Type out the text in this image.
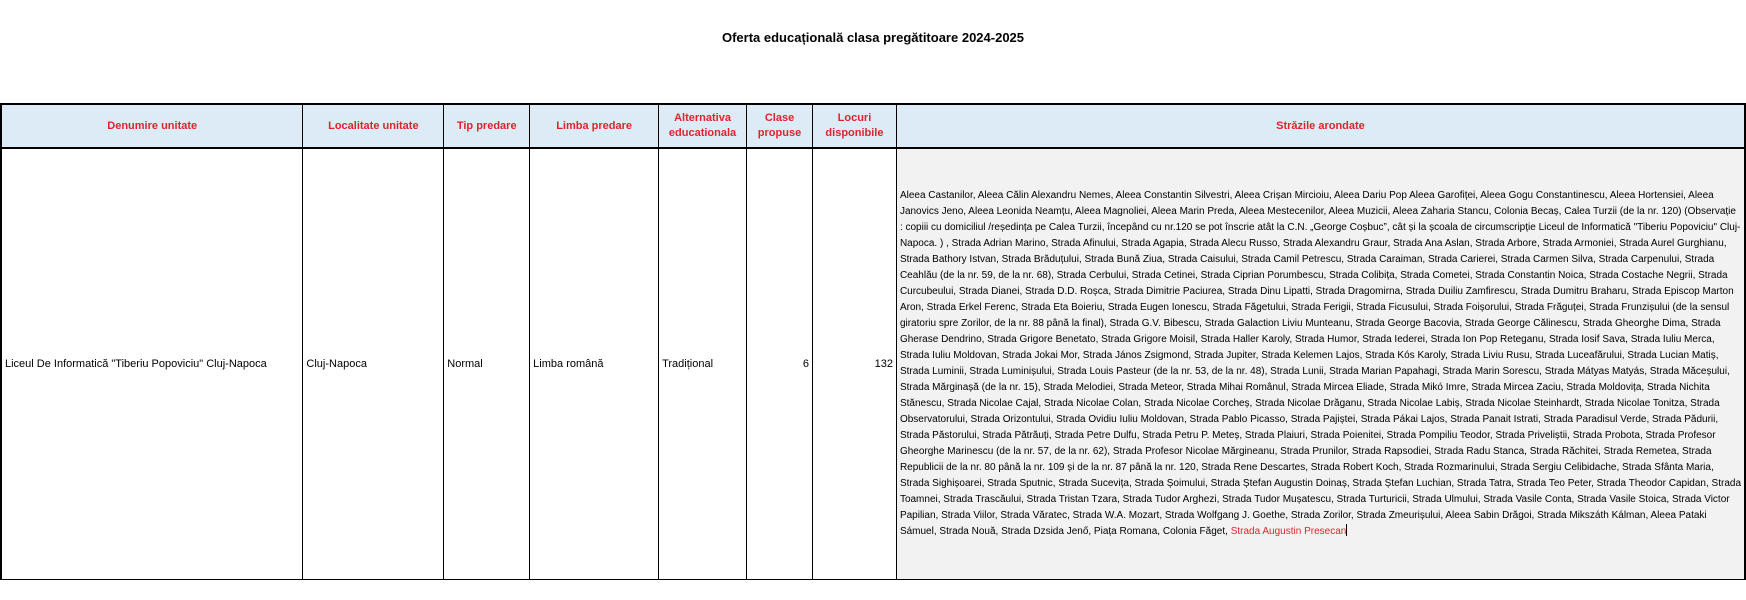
Oferta educațională clasa pregătitoare 2024-2025
Denumire unitate	Localitate unitate	Tip predare	Limba predare	Alternativa educationala	Clase propuse	Locuri disponibile	Străzile arondate
Liceul De Informatică "Tiberiu Popoviciu" Cluj-Napoca	Cluj-Napoca	Normal	Limba română	Tradițional	6	132	Aleea Castanilor, Aleea Călin Alexandru Nemes, Aleea Constantin Silvestri, Aleea Crișan Mircioiu, Aleea Dariu Pop Aleea Garofiței, Aleea Gogu Constantinescu, Aleea Hortensiei, Aleea Janovics Jeno, Aleea Leonida Neamțu, Aleea Magnoliei, Aleea Marin Preda, Aleea Mestecenilor, Aleea Muzicii, Aleea Zaharia Stancu, Colonia Becaș, Calea Turzii (de la nr. 120) (Observație : copiii cu domiciliul /reședința pe Calea Turzii, începând cu nr.120 se pot înscrie atât la C.N. „George Coșbuc”, cât și la școala de circumscripție Liceul de Informatică "Tiberiu Popoviciu" Cluj-Napoca. ) , Strada Adrian Marino, Strada Afinului, Strada Agapia, Strada Alecu Russo, Strada Alexandru Graur, Strada Ana Aslan, Strada Arbore, Strada Armoniei, Strada Aurel Gurghianu, Strada Bathory Istvan, Strada Brăduțului, Strada Bună Ziua, Strada Caisului, Strada Camil Petrescu, Strada Caraiman, Strada Carierei, Strada Carmen Silva, Strada Carpenului, Strada Ceahlău (de la nr. 59, de la nr. 68), Strada Cerbului, Strada Cetinei, Strada Ciprian Porumbescu, Strada Colibița, Strada Cometei, Strada Constantin Noica, Strada Costache Negrii, Strada Curcubeului, Strada Dianei, Strada D.D. Roșca, Strada Dimitrie Paciurea, Strada Dinu Lipatti, Strada Dragomirna, Strada Duiliu Zamfirescu, Strada Dumitru Braharu, Strada Episcop Marton Aron, Strada Erkel Ferenc, Strada Eta Boieriu, Strada Eugen Ionescu, Strada Făgetului, Strada Ferigii, Strada Ficusului, Strada Foișorului, Strada Frăguței, Strada Frunzișului (de la sensul giratoriu spre Zorilor, de la nr. 88 până la final), Strada G.V. Bibescu, Strada Galaction Liviu Munteanu, Strada George Bacovia, Strada George Călinescu, Strada Gheorghe Dima, Strada Gherase Dendrino, Strada Grigore Benetato, Strada Grigore Moisil, Strada Haller Karoly, Strada Humor, Strada Iederei, Strada Ion Pop Reteganu, Strada Iosif Sava, Strada Iuliu Merca, Strada Iuliu Moldovan, Strada Jokai Mor, Strada János Zsigmond, Strada Jupiter, Strada Kelemen Lajos, Strada Kós Karoly, Strada Liviu Rusu, Strada Luceafărului, Strada Lucian Matiș, Strada Luminii, Strada Luminișului, Strada Louis Pasteur (de la nr. 53, de la nr. 48), Strada Lunii, Strada Marian Papahagi, Strada Marin Sorescu, Strada Mátyas Matyás, Strada Măceșului, Strada Mărginașă (de la nr. 15), Strada Melodiei, Strada Meteor, Strada Mihai Românul, Strada Mircea Eliade, Strada Mikó Imre, Strada Mircea Zaciu, Strada Moldovița, Strada Nichita Stănescu, Strada Nicolae Cajal, Strada Nicolae Colan, Strada Nicolae Corcheș, Strada Nicolae Drăganu, Strada Nicolae Labiș, Strada Nicolae Steinhardt, Strada Nicolae Tonitza, Strada Observatorului, Strada Orizontului, Strada Ovidiu Iuliu Moldovan, Strada Pablo Picasso, Strada Pajiștei, Strada Pákai Lajos, Strada Panait Istrati, Strada Paradisul Verde, Strada Pădurii, Strada Păstorului, Strada Pătrăuți, Strada Petre Dulfu, Strada Petru P. Meteș, Strada Plaiuri, Strada Poienitei, Strada Pompiliu Teodor, Strada Priveliștii, Strada Probota, Strada Profesor Gheorghe Marinescu (de la nr. 57, de la nr. 62), Strada Profesor Nicolae Mărgineanu, Strada Prunilor, Strada Rapsodiei, Strada Radu Stanca, Strada Răchitei, Strada Remetea, Strada Republicii de la nr. 80 până la nr. 109 și de la nr. 87 până la nr. 120, Strada Rene Descartes, Strada Robert Koch, Strada Rozmarinului, Strada Sergiu Celibidache, Strada Sfânta Maria, Strada Sighișoarei, Strada Sputnic, Strada Sucevița, Strada Șoimului, Strada Ștefan Augustin Doinaș, Strada Ștefan Luchian, Strada Tatra, Strada Teo Peter, Strada Theodor Capidan, Strada Toamnei, Strada Trascăului, Strada Tristan Tzara, Strada Tudor Arghezi, Strada Tudor Mușatescu, Strada Turturicii, Strada Ulmului, Strada Vasile Conta, Strada Vasile Stoica, Strada Victor Papilian, Strada Viilor, Strada Văratec, Strada W.A. Mozart, Strada Wolfgang J. Goethe, Strada Zorilor, Strada Zmeurișului, Aleea Sabin Drăgoi, Strada Mikszáth Kálman, Aleea Pataki Sámuel, Strada Nouă, Strada Dzsida Jenő, Piața Romana, Colonia Făget, Strada Augustin Presecan
